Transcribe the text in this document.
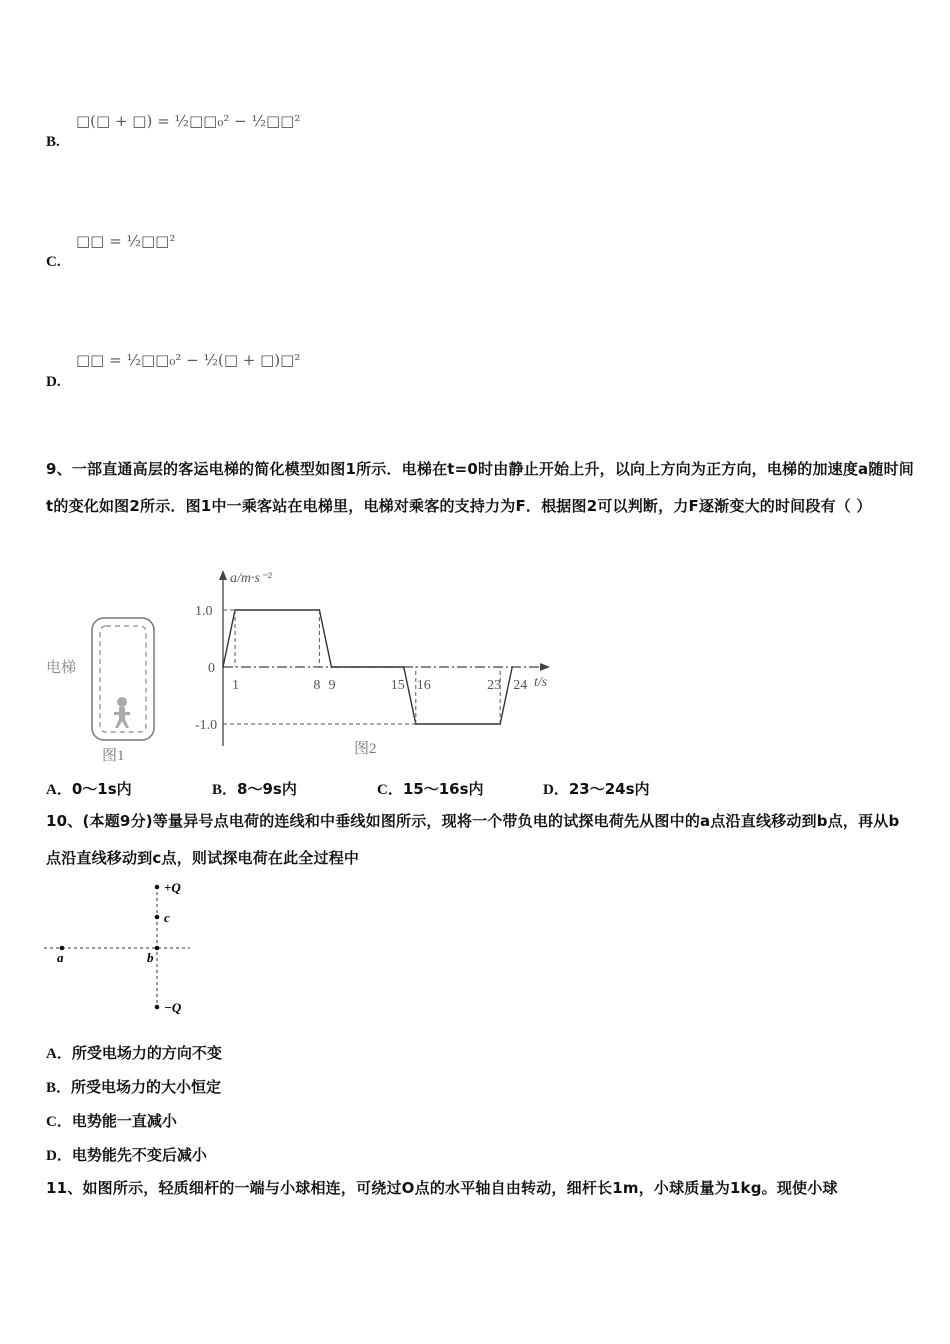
B.
□(□ + □) = ½□□₀² − ½□□²
C.
□□ = ½□□²
D.
□□ = ½□□₀² − ½(□ + □)□²
9、一部直通高层的客运电梯的简化模型如图1所示．电梯在t=0时由静止开始上升，以向上方向为正方向，电梯的加速度a随时间t的变化如图2所示．图1中一乘客站在电梯里，电梯对乘客的支持力为F．根据图2可以判断，力F逐渐变大的时间段有（ ）
电梯
图1
a/m·s⁻²
t/s
1	8 9	15 16	23 24
1.0
0
-1.0
图2
A．0～1s内	B．8～9s内	C．15～16s内	D．23～24s内
10、(本题9分)等量异号点电荷的连线和中垂线如图所示，现将一个带负电的试探电荷先从图中的a点沿直线移动到b点，再从b点沿直线移动到c点，则试探电荷在此全过程中
+Q
c
b
a
−Q
A．所受电场力的方向不变
B．所受电场力的大小恒定
C．电势能一直减小
D．电势能先不变后减小
11、如图所示，轻质细杆的一端与小球相连，可绕过O点的水平轴自由转动，细杆长1m，小球质量为1kg。现使小球
